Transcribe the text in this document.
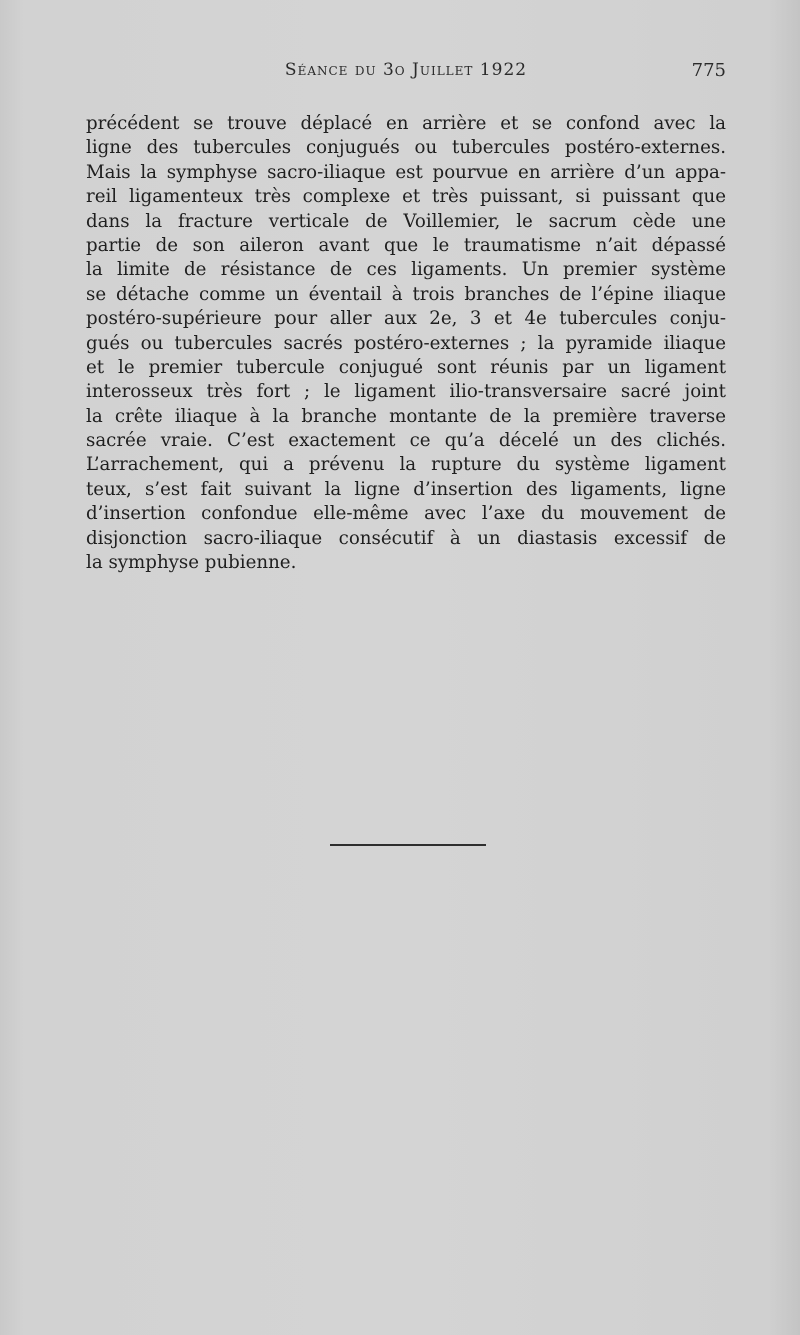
Séance du 3o Juillet 1922	775
précédent se trouve déplacé en arrière et se confond avec la
ligne des tubercules conjugués ou tubercules postéro-externes.
Mais la symphyse sacro-iliaque est pourvue en arrière d’un appa-
reil ligamenteux très complexe et très puissant, si puissant que
dans la fracture verticale de Voillemier, le sacrum cède une
partie de son aileron avant que le traumatisme n’ait dépassé
la limite de résistance de ces ligaments. Un premier système
se détache comme un éventail à trois branches de l’épine iliaque
postéro-supérieure pour aller aux 2e, 3 et 4e tubercules conju-
gués ou tubercules sacrés postéro-externes ; la pyramide iliaque
et le premier tubercule conjugué sont réunis par un ligament
interosseux très fort ; le ligament ilio-transversaire sacré joint
la crête iliaque à la branche montante de la première traverse
sacrée vraie. C’est exactement ce qu’a décelé un des clichés.
L’arrachement, qui a prévenu la rupture du système ligament
teux, s’est fait suivant la ligne d’insertion des ligaments, ligne
d’insertion confondue elle-même avec l’axe du mouvement de
disjonction sacro-iliaque consécutif à un diastasis excessif de
la symphyse pubienne.
